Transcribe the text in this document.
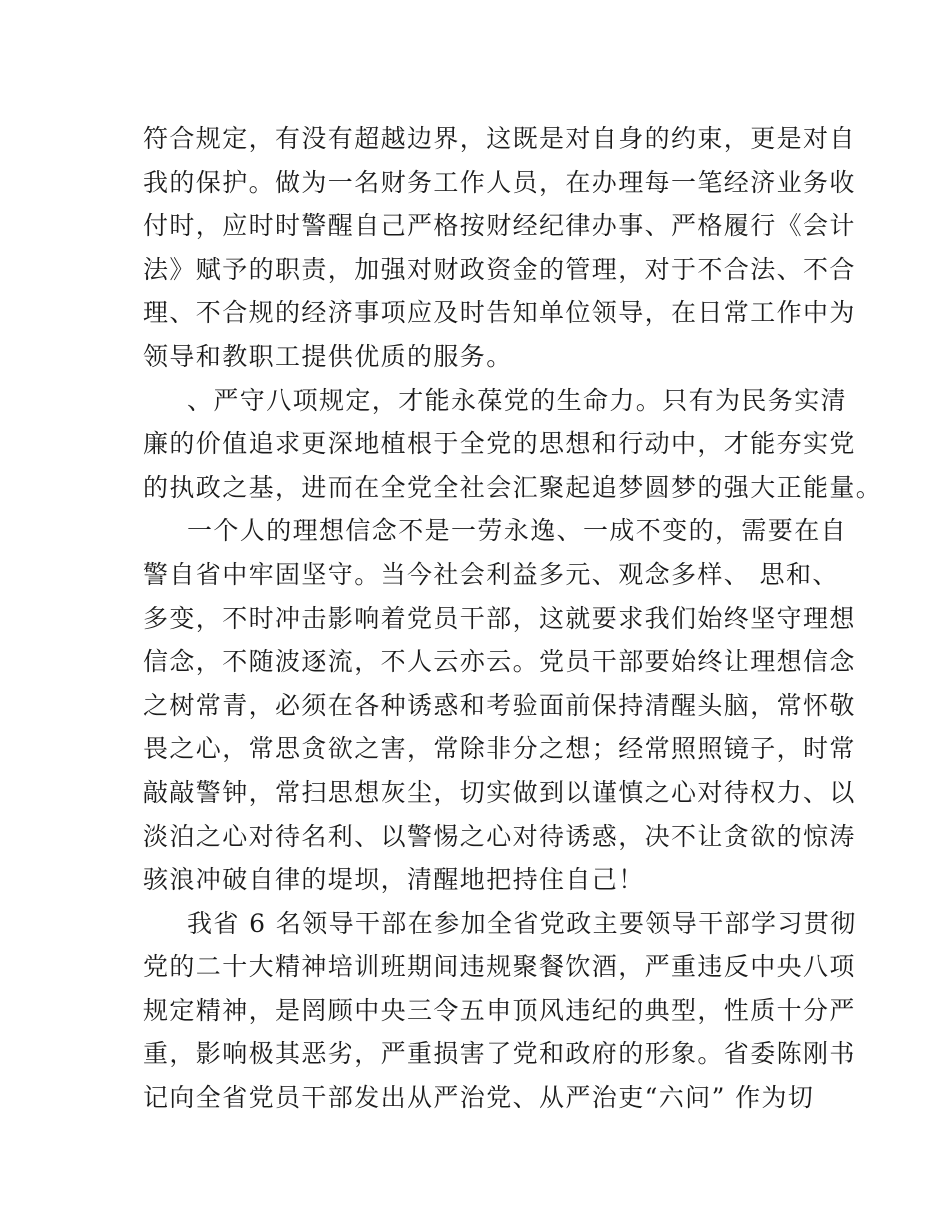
符合规定，有没有超越边界，这既是对自身的约束，更是对自
我的保护。做为一名财务工作人员，在办理每一笔经济业务收
付时，应时时警醒自己严格按财经纪律办事、严格履行《会计
法》赋予的职责，加强对财政资金的管理，对于不合法、不合
理、不合规的经济事项应及时告知单位领导，在日常工作中为
领导和教职工提供优质的服务。
、严守八项规定，才能永葆党的生命力。只有为民务实清
廉的价值追求更深地植根于全党的思想和行动中，才能夯实党
的执政之基，进而在全党全社会汇聚起追梦圆梦的强大正能量。
一个人的理想信念不是一劳永逸、一成不变的，需要在自
警自省中牢固坚守。当今社会利益多元、观念多样、 思和、
多变，不时冲击影响着党员干部，这就要求我们始终坚守理想
信念，不随波逐流，不人云亦云。党员干部要始终让理想信念
之树常青，必须在各种诱惑和考验面前保持清醒头脑，常怀敬
畏之心，常思贪欲之害，常除非分之想；经常照照镜子，时常
敲敲警钟，常扫思想灰尘，切实做到以谨慎之心对待权力、以
淡泊之心对待名利、以警惕之心对待诱惑，决不让贪欲的惊涛
骇浪冲破自律的堤坝，清醒地把持住自己！
我省 6 名领导干部在参加全省党政主要领导干部学习贯彻
党的二十大精神培训班期间违规聚餐饮酒，严重违反中央八项
规定精神，是罔顾中央三令五申顶风违纪的典型，性质十分严
重，影响极其恶劣，严重损害了党和政府的形象。省委陈刚书
记向全省党员干部发出从严治党、从严治吏“六问” 作为切
